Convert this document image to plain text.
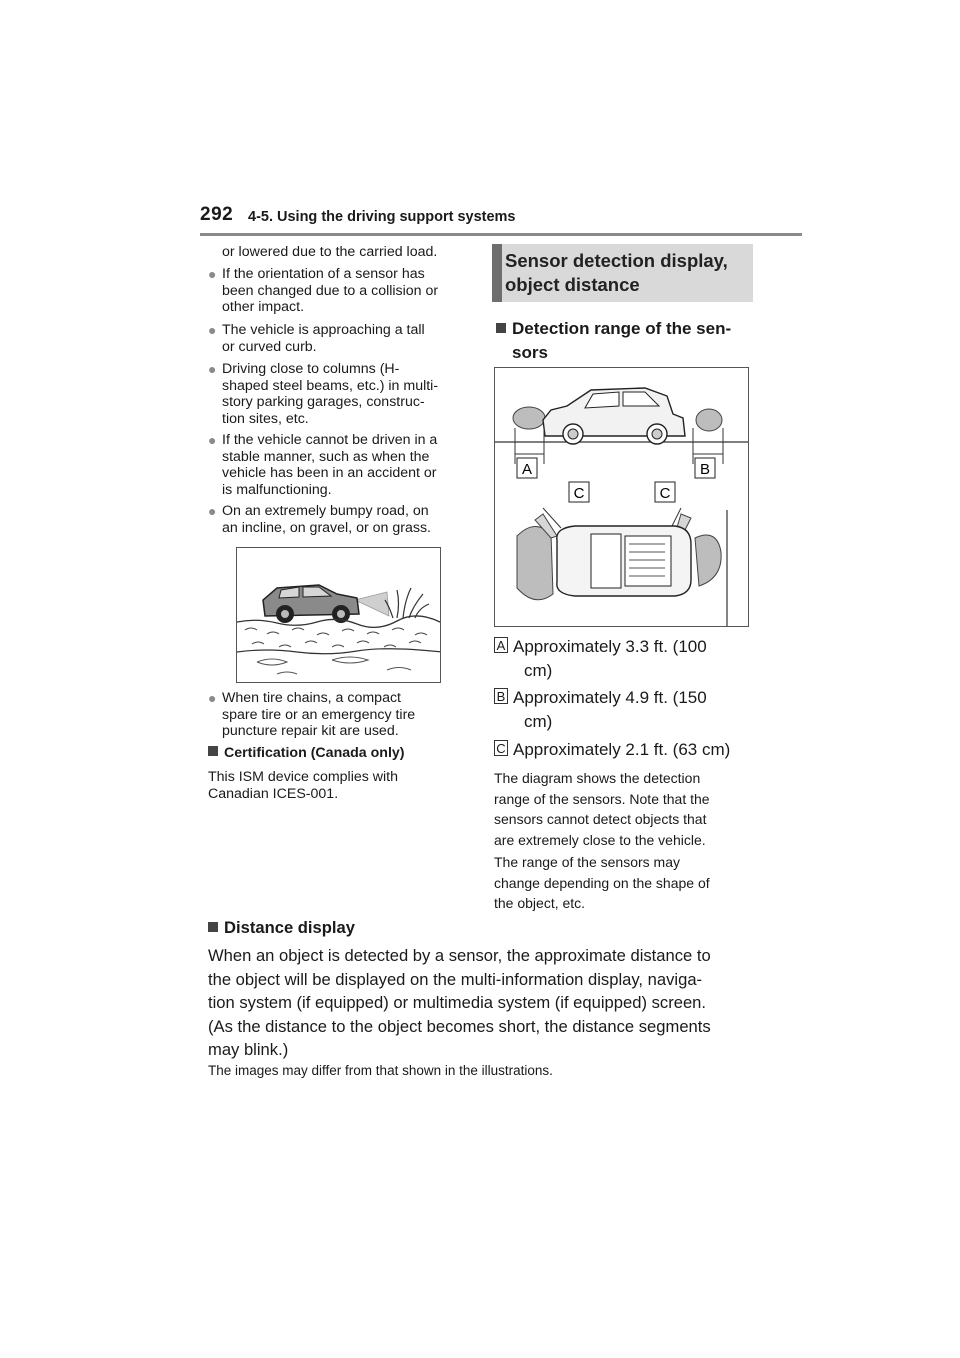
292 4-5. Using the driving support systems
or lowered due to the carried load.
● If the orientation of a sensor has
been changed due to a collision or
other impact.
● The vehicle is approaching a tall
or curved curb.
● Driving close to columns (H-
shaped steel beams, etc.) in multi-
story parking garages, construc-
tion sites, etc.
● If the vehicle cannot be driven in a
stable manner, such as when the
vehicle has been in an accident or
is malfunctioning.
● On an extremely bumpy road, on
an incline, on gravel, or on grass.
● When tire chains, a compact
spare tire or an emergency tire
puncture repair kit are used.
Certification (Canada only)
This ISM device complies with
Canadian ICES-001.
Sensor detection display,
object distance
Detection range of the sen-
sors
A	B
C	C
A Approximately 3.3 ft. (100
cm)
B Approximately 4.9 ft. (150
cm)
C Approximately 2.1 ft. (63 cm)
The diagram shows the detection
range of the sensors. Note that the
sensors cannot detect objects that
are extremely close to the vehicle.
The range of the sensors may
change depending on the shape of
the object, etc.
Distance display
When an object is detected by a sensor, the approximate distance to
the object will be displayed on the multi-information display, naviga-
tion system (if equipped) or multimedia system (if equipped) screen.
(As the distance to the object becomes short, the distance segments
may blink.)
The images may differ from that shown in the illustrations.
